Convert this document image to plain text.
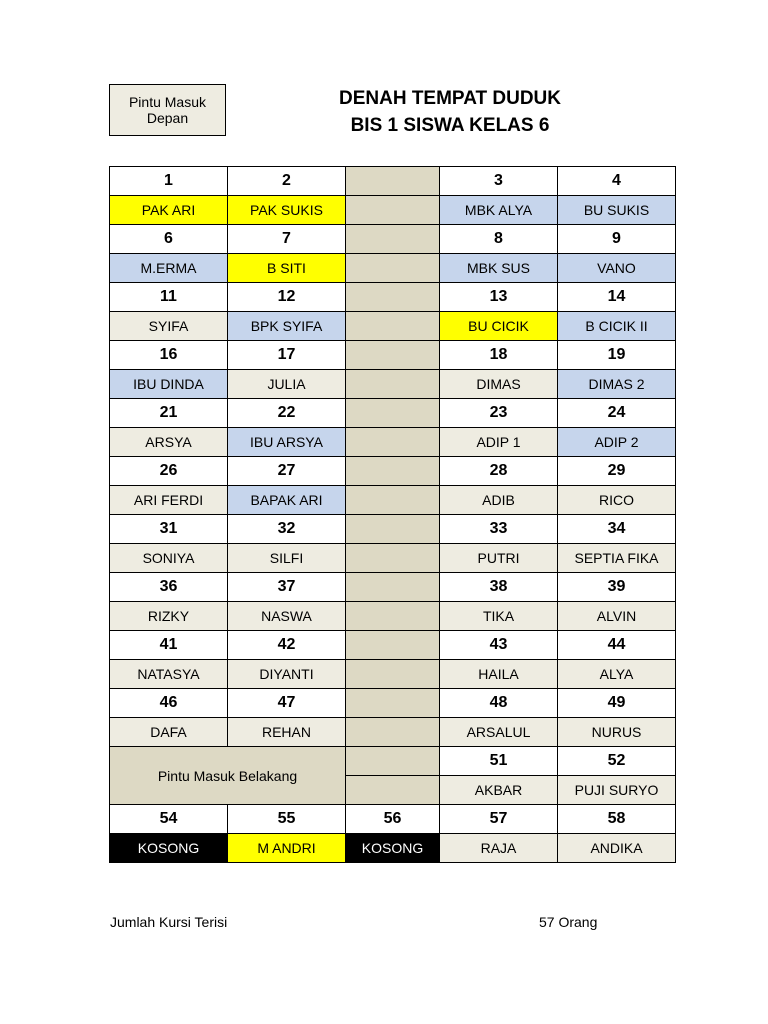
Pintu Masuk
Depan
DENAH TEMPAT DUDUK
BIS 1 SISWA KELAS 6
1	2		3	4
PAK ARI	PAK SUKIS		MBK ALYA	BU SUKIS
6	7		8	9
M.ERMA	B SITI		MBK SUS	VANO
11	12		13	14
SYIFA	BPK SYIFA		BU CICIK	B CICIK II
16	17		18	19
IBU DINDA	JULIA		DIMAS	DIMAS 2
21	22		23	24
ARSYA	IBU ARSYA		ADIP 1	ADIP 2
26	27		28	29
ARI FERDI	BAPAK ARI		ADIB	RICO
31	32		33	34
SONIYA	SILFI		PUTRI	SEPTIA FIKA
36	37		38	39
RIZKY	NASWA		TIKA	ALVIN
41	42		43	44
NATASYA	DIYANTI		HAILA	ALYA
46	47		48	49
DAFA	REHAN		ARSALUL	NURUS
Pintu Masuk Belakang			51	52
			AKBAR	PUJI SURYO
54	55	56	57	58
KOSONG	M ANDRI	KOSONG	RAJA	ANDIKA
Jumlah Kursi Terisi	57 Orang
